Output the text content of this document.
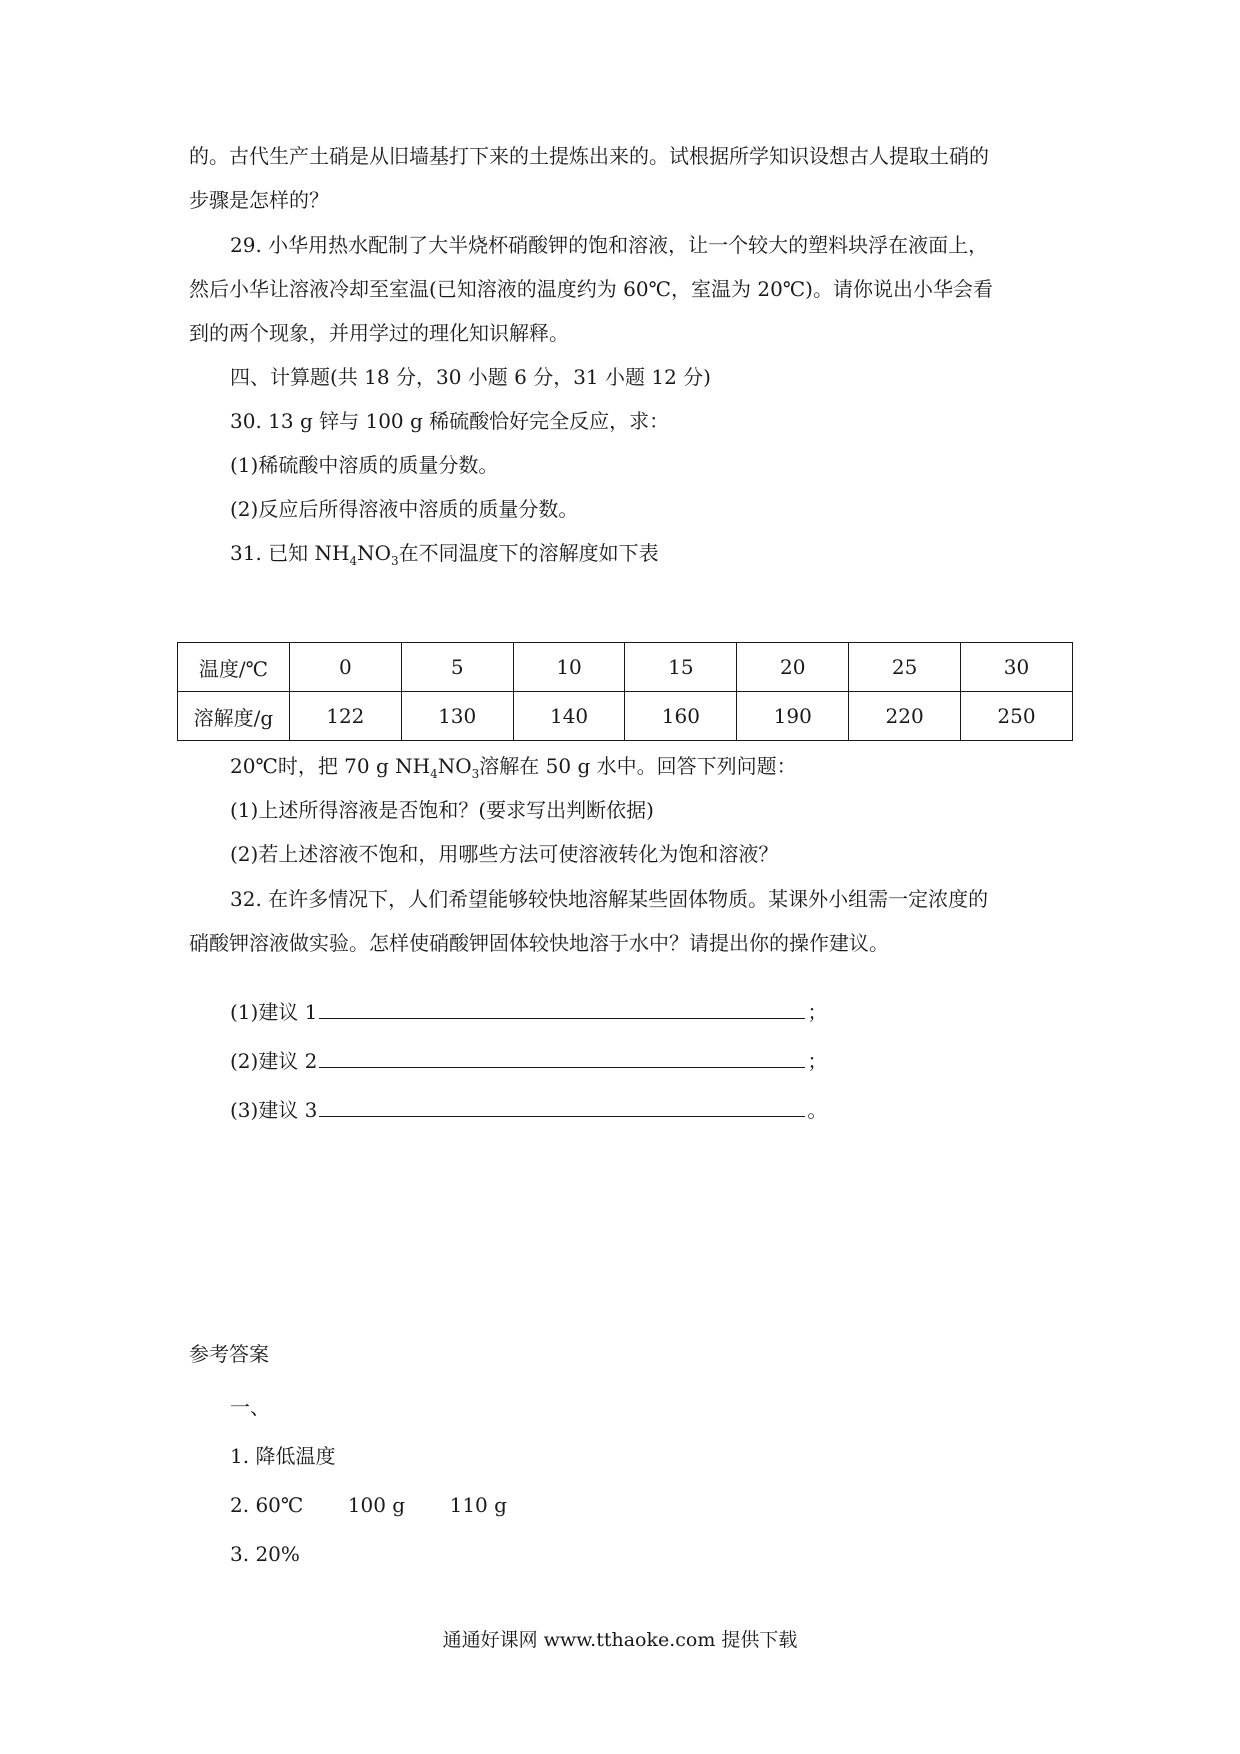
的。古代生产土硝是从旧墙基打下来的土提炼出来的。试根据所学知识设想古人提取土硝的
步骤是怎样的？
29. 小华用热水配制了大半烧杯硝酸钾的饱和溶液，让一个较大的塑料块浮在液面上，
然后小华让溶液冷却至室温(已知溶液的温度约为 60℃，室温为 20℃)。请你说出小华会看
到的两个现象，并用学过的理化知识解释。
四、计算题(共 18 分，30 小题 6 分，31 小题 12 分)
30. 13 g 锌与 100 g 稀硫酸恰好完全反应，求：
(1)稀硫酸中溶质的质量分数。
(2)反应后所得溶液中溶质的质量分数。
31. 已知 $NH_4NO_3$在不同温度下的溶解度如下表
温度/℃	0	5	10	15	20	25	30
溶解度/g	122	130	140	160	190	220	250
20℃时，把 70 g $NH_4NO_3$溶解在 50 g 水中。回答下列问题：
(1)上述所得溶液是否饱和？(要求写出判断依据)
(2)若上述溶液不饱和，用哪些方法可使溶液转化为饱和溶液？
32. 在许多情况下，人们希望能够较快地溶解某些固体物质。某课外小组需一定浓度的
硝酸钾溶液做实验。怎样使硝酸钾固体较快地溶于水中？请提出你的操作建议。
(1)建议 1	；
(2)建议 2	；
(3)建议 3	。
参考答案
一、
1. 降低温度
2. 60℃       100 g       110 g
3. 20%
通通好课网 www.tthaoke.com 提供下载
